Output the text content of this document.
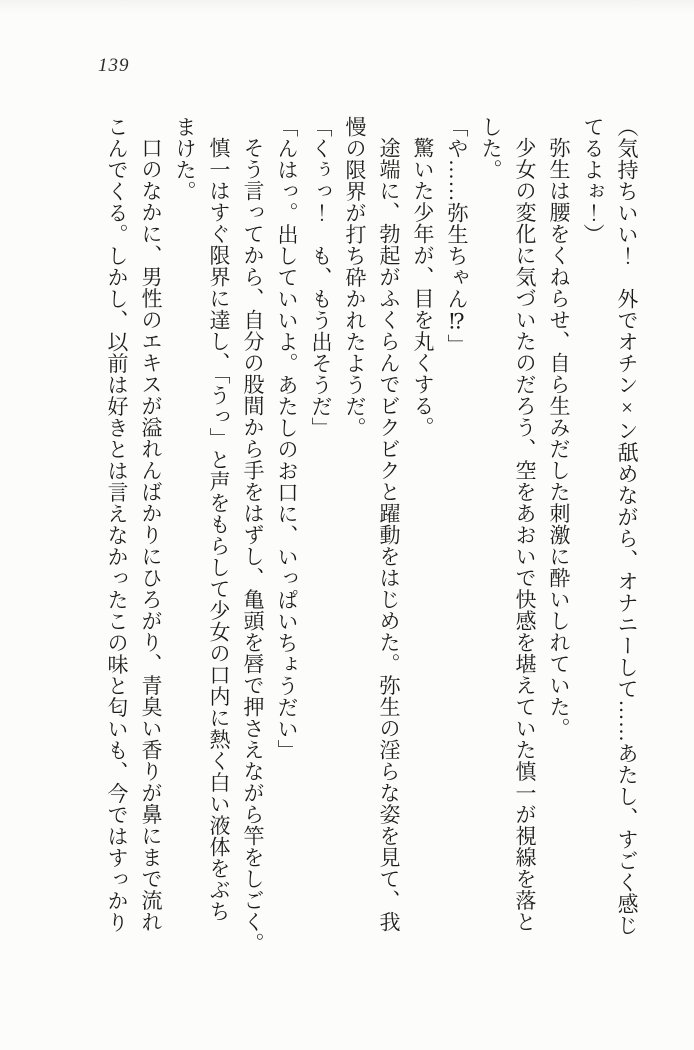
139

（気持ちいい！　外でオチン×ン舐めながら、オナニーして……あたし、すごく感じ

てるよぉ！）

弥生は腰をくねらせ、自ら生みだした刺激に酔いしれていた。

少女の変化に気づいたのだろう、空をあおいで快感を堪えていた慎一が視線を落と

した。

「や……弥生ちゃん⁉」

驚いた少年が、目を丸くする。

途端に、勃起がふくらんでビクビクと躍動をはじめた。弥生の淫らな姿を見て、我

慢の限界が打ち砕かれたようだ。

「くぅっ！　も、もう出そうだ」

「んはっ。出していいよ。あたしのお口に、いっぱいちょうだい」

そう言ってから、自分の股間から手をはずし、亀頭を唇で押さえながら竿をしごく。

慎一はすぐ限界に達し、「うっ」と声をもらして少女の口内に熱く白い液体をぶち

まけた。

口のなかに、男性のエキスが溢れんばかりにひろがり、青臭い香りが鼻にまで流れ

こんでくる。しかし、以前は好きとは言えなかったこの味と匂いも、今ではすっかり
